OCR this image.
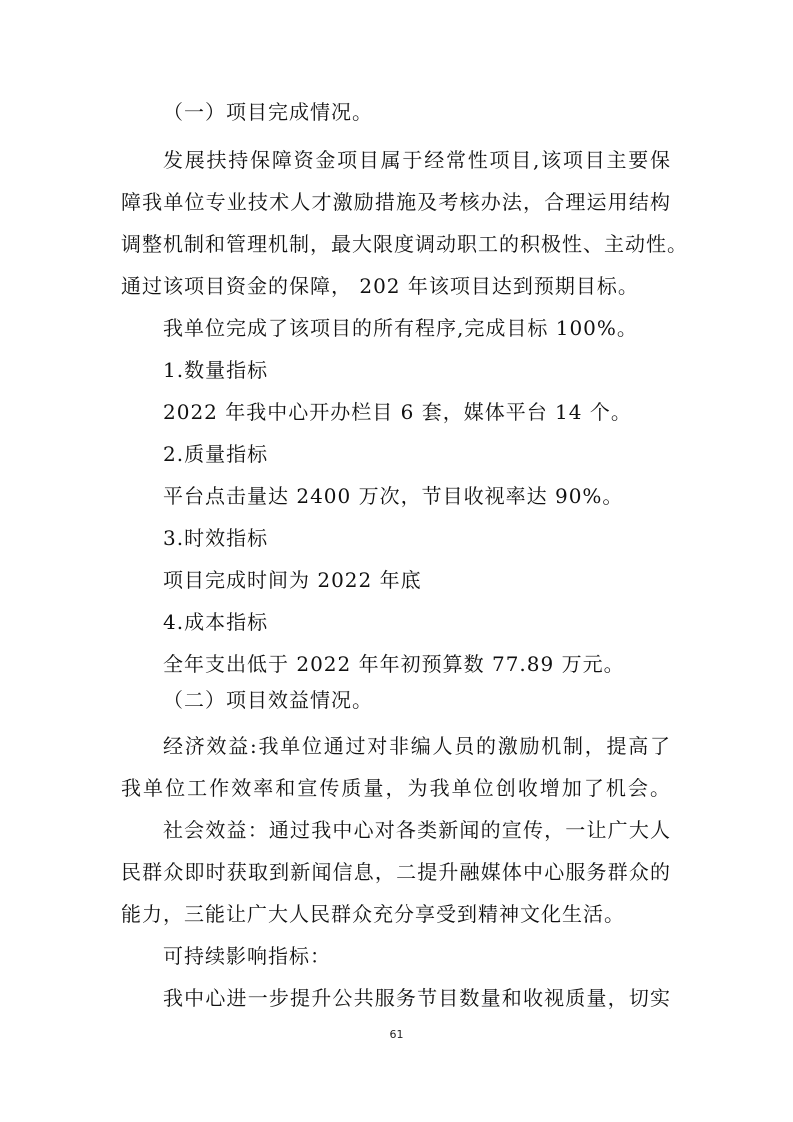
（一）项目完成情况。
发展扶持保障资金项目属于经常性项目,该项目主要保
障我单位专业技术人才激励措施及考核办法，合理运用结构
调整机制和管理机制，最大限度调动职工的积极性、主动性。
通过该项目资金的保障， 202 年该项目达到预期目标。
我单位完成了该项目的所有程序,完成目标 100%。
1.数量指标
2022 年我中心开办栏目 6 套，媒体平台 14 个。
2.质量指标
平台点击量达 2400 万次，节目收视率达 90%。
3.时效指标
项目完成时间为 2022 年底
4.成本指标
全年支出低于 2022 年年初预算数 77.89 万元。
（二）项目效益情况。
经济效益:我单位通过对非编人员的激励机制，提高了
我单位工作效率和宣传质量，为我单位创收增加了机会。
社会效益：通过我中心对各类新闻的宣传，一让广大人
民群众即时获取到新闻信息，二提升融媒体中心服务群众的
能力，三能让广大人民群众充分享受到精神文化生活。
可持续影响指标：
我中心进一步提升公共服务节目数量和收视质量，切实
61
